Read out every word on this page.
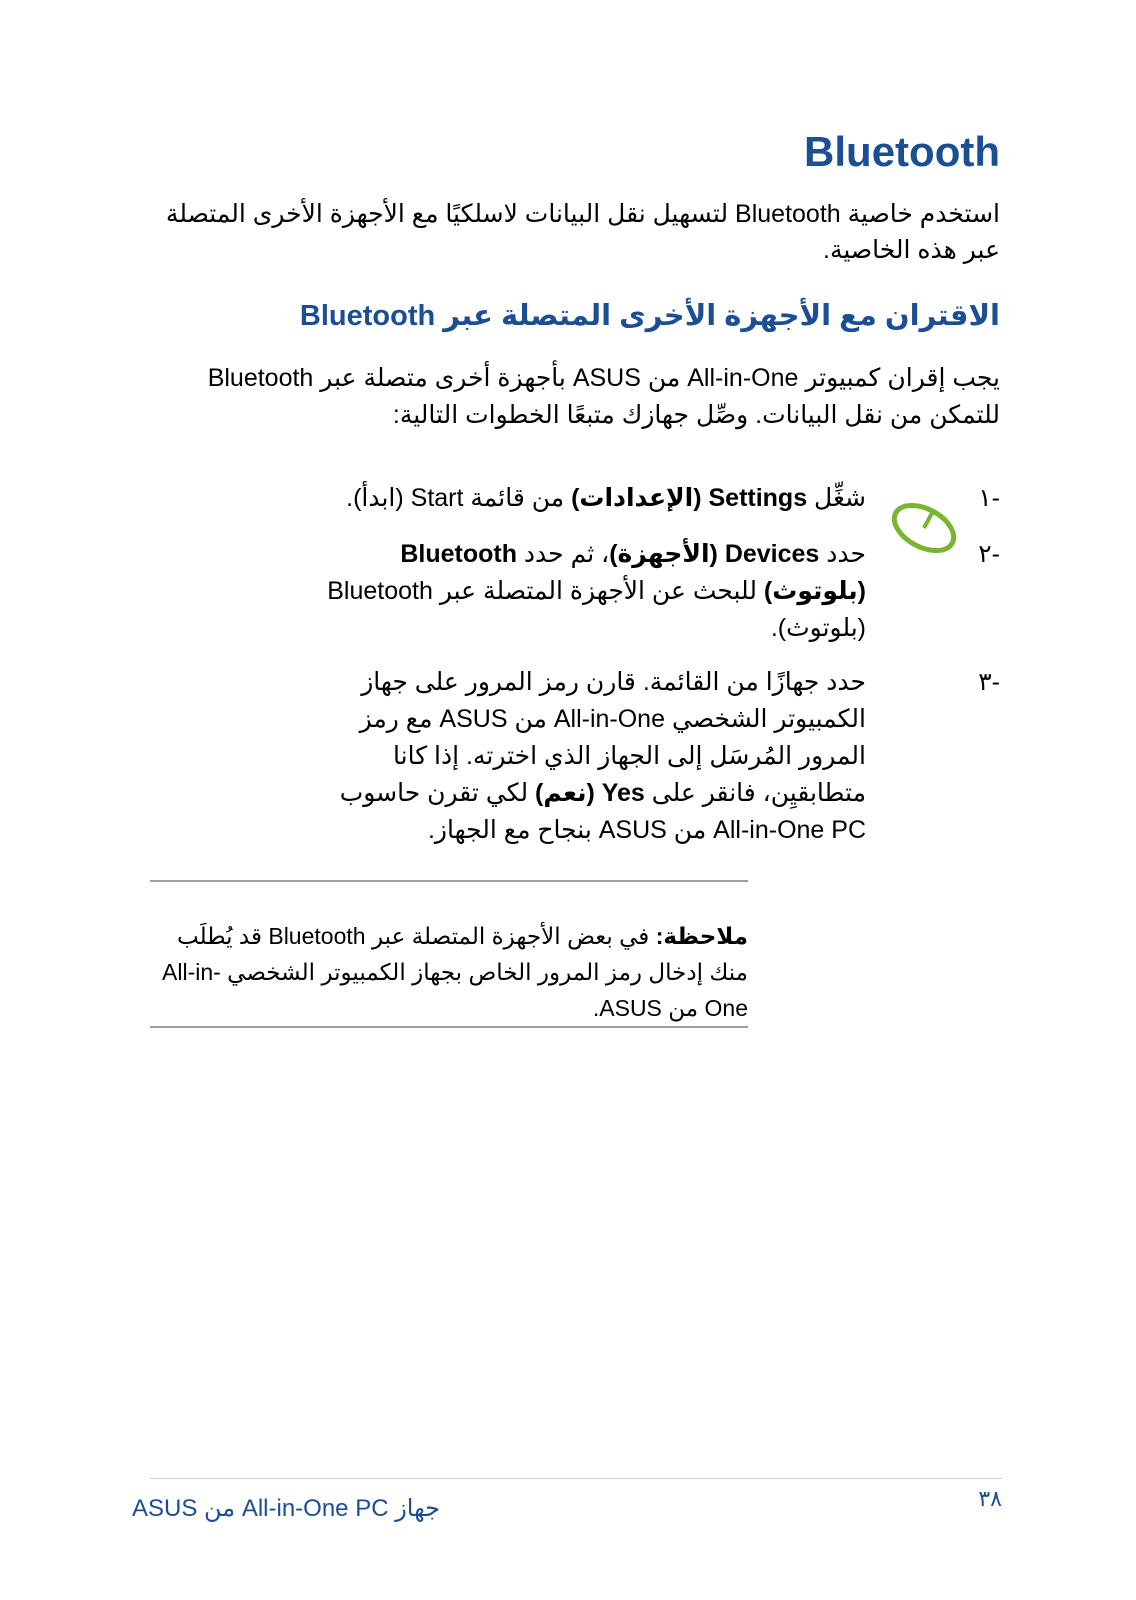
Bluetooth

استخدم خاصية Bluetooth لتسهيل نقل البيانات لاسلكيًا مع الأجهزة الأخرى المتصلة عبر هذه الخاصية.

الاقتران مع الأجهزة الأخرى المتصلة عبر Bluetooth

يجب إقران كمبيوتر All-in-One من ASUS بأجهزة أخرى متصلة عبر Bluetooth للتمكن من نقل البيانات. وصِّل جهازك متبعًا الخطوات التالية:

١-
شغِّل Settings (الإعدادات) من قائمة Start (ابدأ).
٢-
حدد Devices (الأجهزة)، ثم حدد Bluetooth (بلوتوث) للبحث عن الأجهزة المتصلة عبر Bluetooth (بلوتوث).
٣-
حدد جهازًا من القائمة. قارن رمز المرور على جهاز الكمبيوتر الشخصي All-in-One من ASUS مع رمز المرور المُرسَل إلى الجهاز الذي اخترته. إذا كانا متطابقيِن، فانقر على Yes (نعم) لكي تقرن حاسوب All-in-One PC من ASUS بنجاح مع الجهاز.

ملاحظة: في بعض الأجهزة المتصلة عبر Bluetooth قد يُطلَب منك إدخال رمز المرور الخاص بجهاز الكمبيوتر الشخصي All-in-One من ASUS.

جهاز All-in-One PC من ASUS	٣٨
